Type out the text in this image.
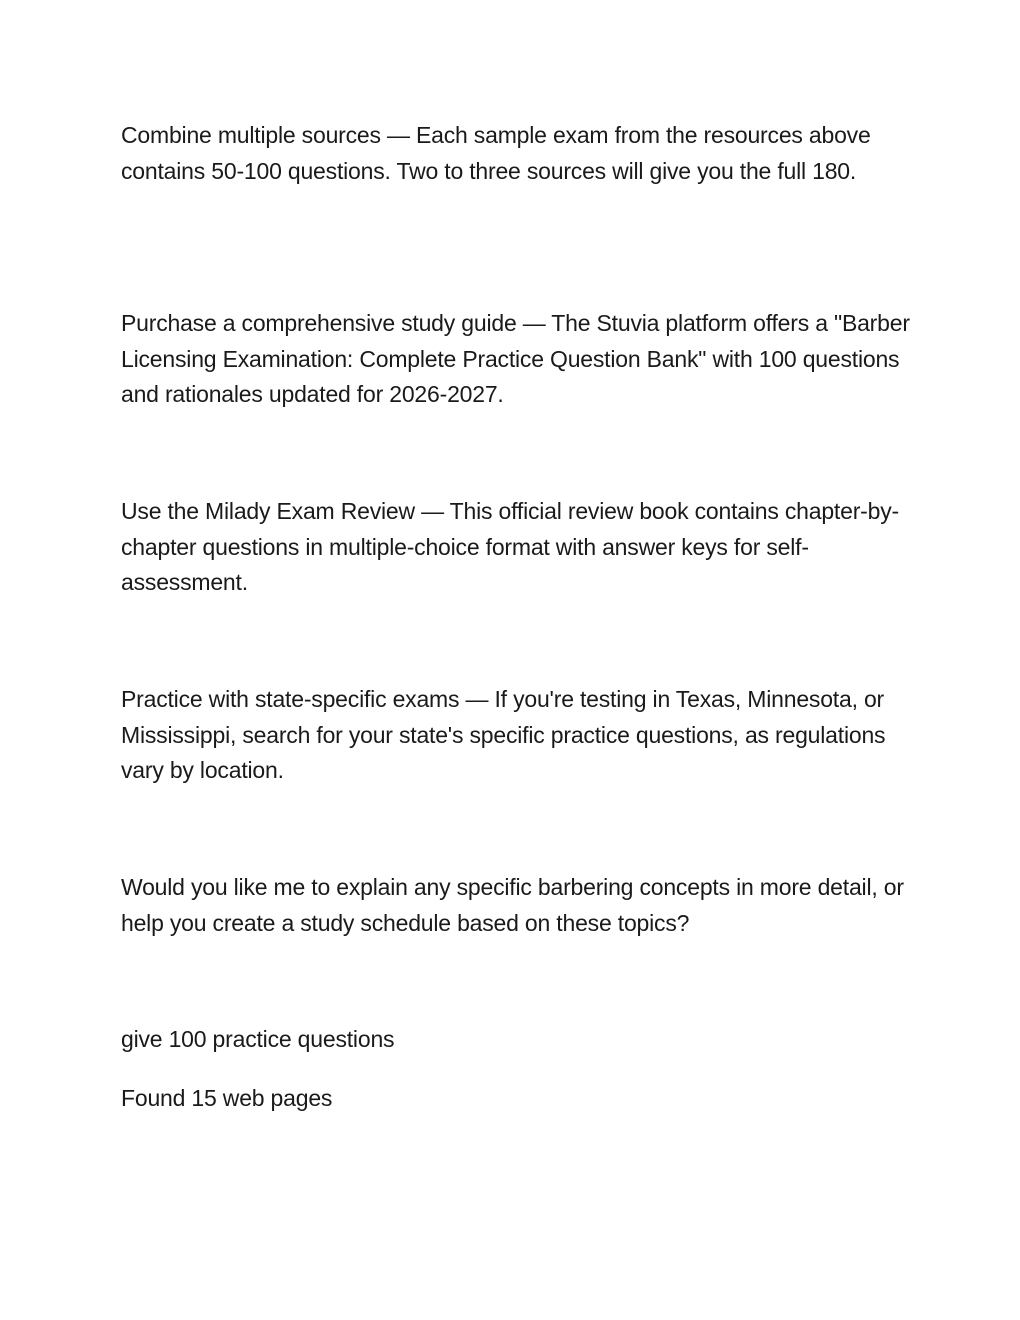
Combine multiple sources — Each sample exam from the resources above contains 50-100 questions. Two to three sources will give you the full 180.

Purchase a comprehensive study guide — The Stuvia platform offers a "Barber Licensing Examination: Complete Practice Question Bank" with 100 questions and rationales updated for 2026-2027.

Use the Milady Exam Review — This official review book contains chapter-by-chapter questions in multiple-choice format with answer keys for self-assessment.

Practice with state-specific exams — If you're testing in Texas, Minnesota, or Mississippi, search for your state's specific practice questions, as regulations vary by location.

Would you like me to explain any specific barbering concepts in more detail, or help you create a study schedule based on these topics?

give 100 practice questions

Found 15 web pages
